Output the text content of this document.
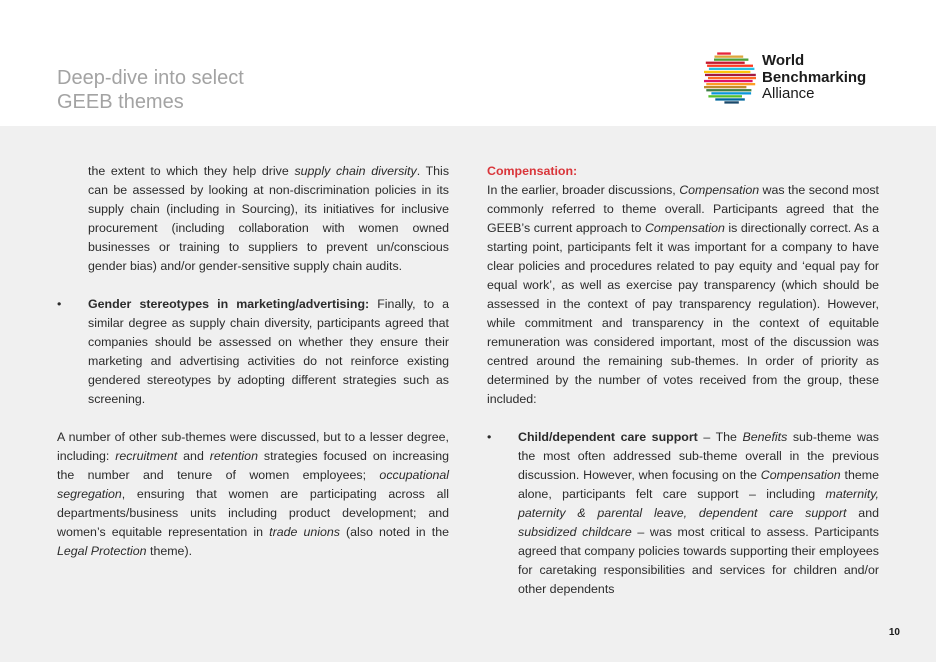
Deep-dive into select
GEEB themes
World
Benchmarking
Alliance

the extent to which they help drive supply chain diversity. This can be assessed by looking at non-discrimination policies in its supply chain (including in Sourcing), its initiatives for inclusive procurement (including collaboration with women owned businesses or training to suppliers to prevent un/conscious gender bias) and/or gender-sensitive supply chain audits.

• Gender stereotypes in marketing/advertising: Finally, to a similar degree as supply chain diversity, participants agreed that companies should be assessed on whether they ensure their marketing and advertising activities do not reinforce existing gendered stereotypes by adopting different strategies such as screening.

A number of other sub-themes were discussed, but to a lesser degree, including: recruitment and retention strategies focused on increasing the number and tenure of women employees; occupational segregation, ensuring that women are participating across all departments/business units including product development; and women’s equitable representation in trade unions (also noted in the Legal Protection theme).

Compensation:

In the earlier, broader discussions, Compensation was the second most commonly referred to theme overall. Participants agreed that the GEEB’s current approach to Compensation is directionally correct. As a starting point, participants felt it was important for a company to have clear policies and procedures related to pay equity and ‘equal pay for equal work’, as well as exercise pay transparency (which should be assessed in the context of pay transparency regulation). However, while commitment and transparency in the context of equitable remuneration was considered important, most of the discussion was centred around the remaining sub-themes. In order of priority as determined by the number of votes received from the group, these included:

• Child/dependent care support – The Benefits sub-theme was the most often addressed sub-theme overall in the previous discussion. However, when focusing on the Compensation theme alone, participants felt care support – including maternity, paternity & parental leave, dependent care support and subsidized childcare – was most critical to assess. Participants agreed that company policies towards supporting their employees for caretaking responsibilities and services for children and/or other dependents

10
